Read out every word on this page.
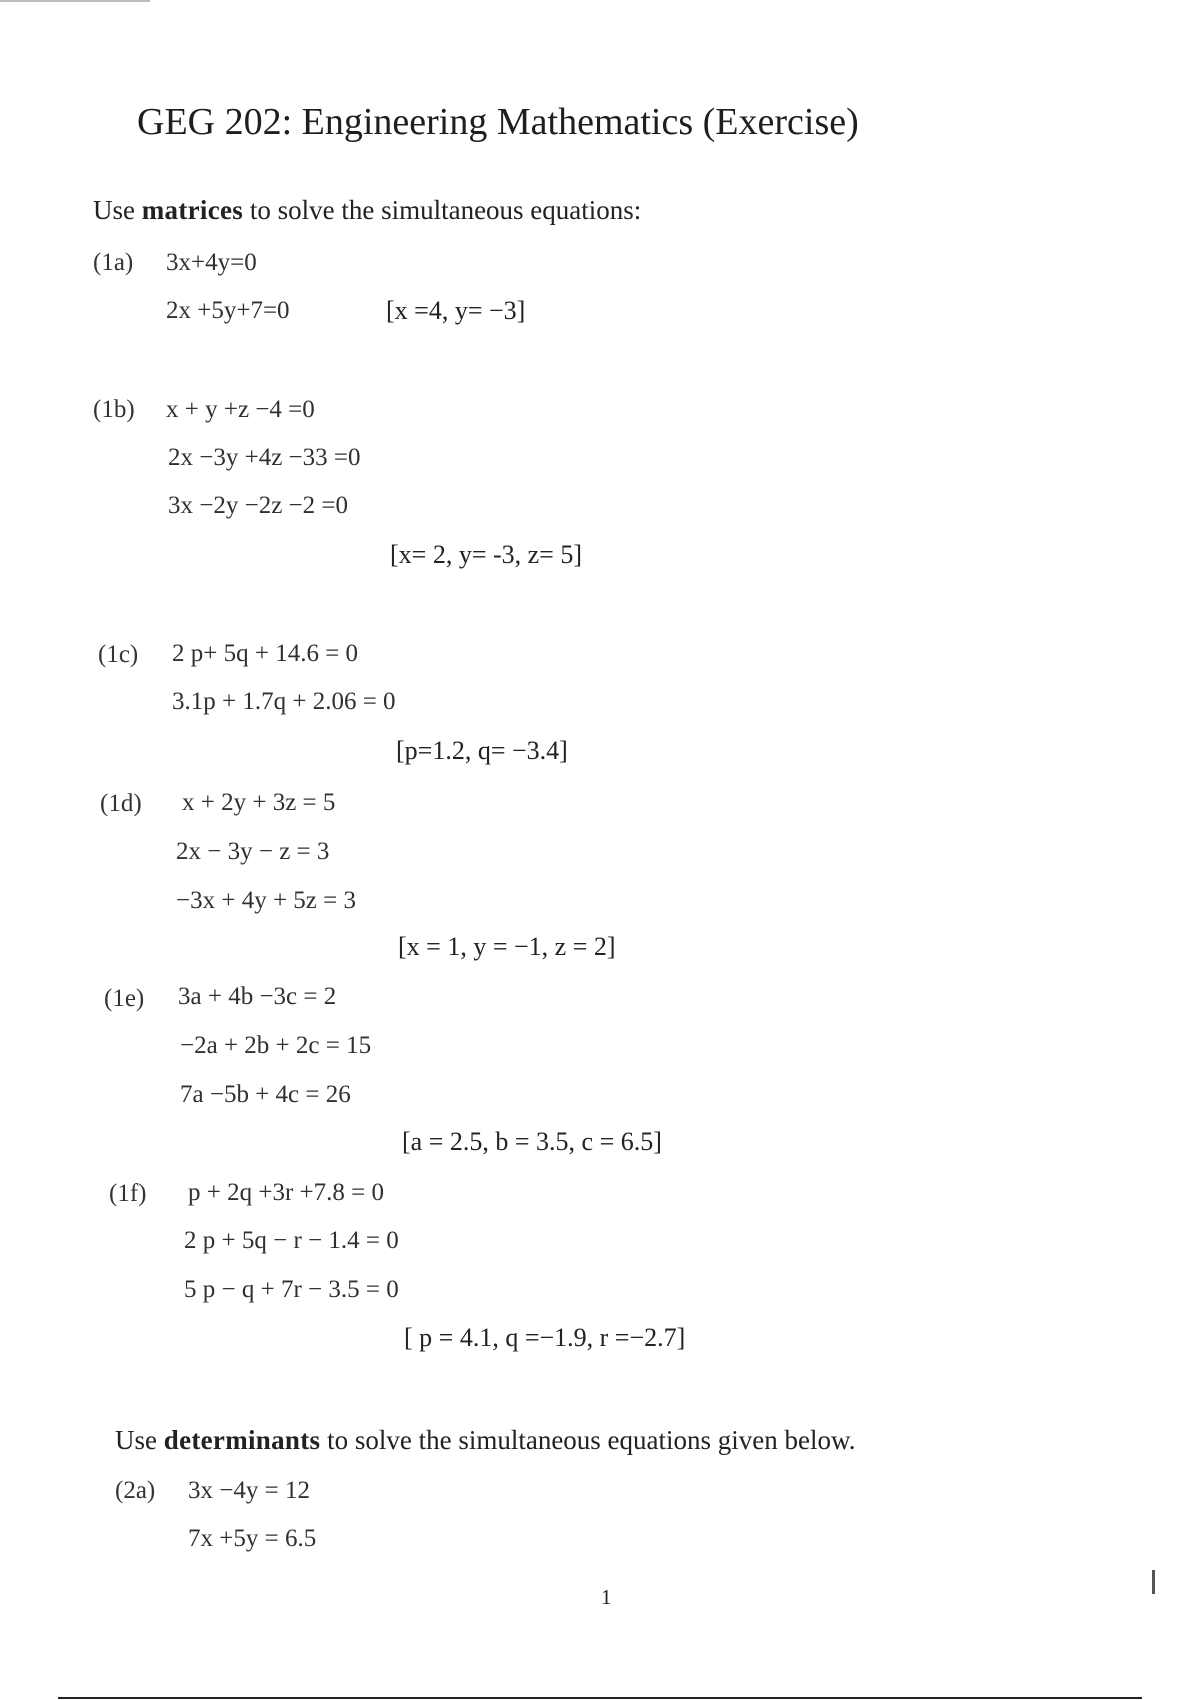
GEG 202: Engineering Mathematics (Exercise)
Use matrices to solve the simultaneous equations:
(1a) 3x+4y=0
2x +5y+7=0	[x =4, y= −3]
(1b) x + y +z −4 =0
2x −3y +4z −33 =0
3x −2y −2z −2 =0
[x= 2, y= -3, z= 5]
(1c) 2 p+ 5q + 14.6 = 0
3.1p + 1.7q + 2.06 = 0
[p=1.2, q= −3.4]
(1d) x + 2y + 3z = 5
2x − 3y − z = 3
−3x + 4y + 5z = 3
[x = 1, y = −1, z = 2]
(1e) 3a + 4b −3c = 2
−2a + 2b + 2c = 15
7a −5b + 4c = 26
[a = 2.5, b = 3.5, c = 6.5]
(1f) p + 2q +3r +7.8 = 0
2 p + 5q − r − 1.4 = 0
5 p − q + 7r − 3.5 = 0
[ p = 4.1, q =−1.9, r =−2.7]
Use determinants to solve the simultaneous equations given below.
(2a) 3x −4y = 12
7x +5y = 6.5
1
